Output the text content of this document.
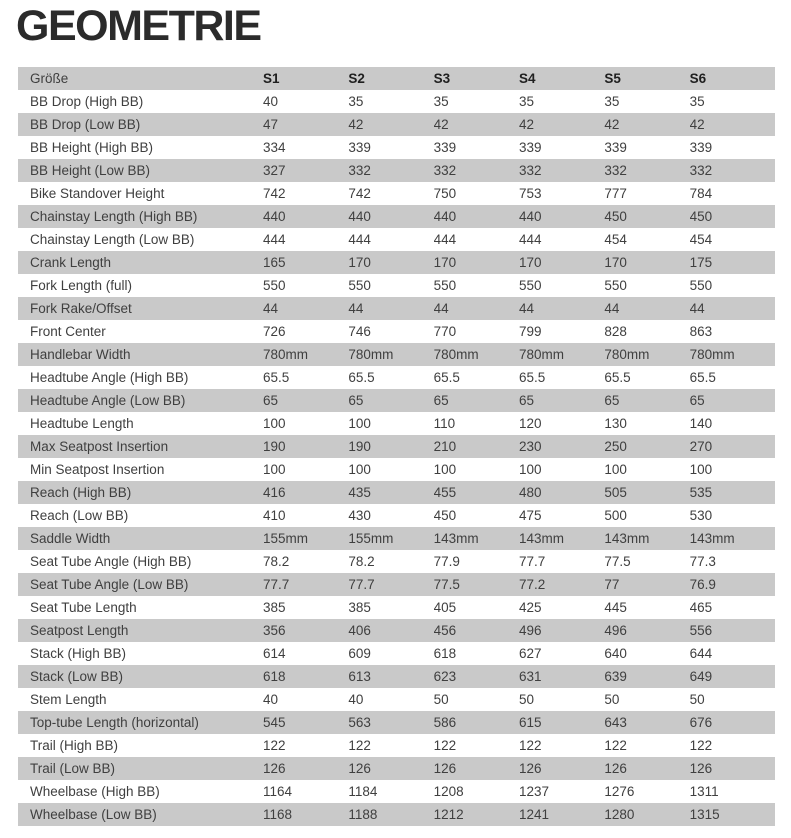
GEOMETRIE
Größe	S1	S2	S3	S4	S5	S6
BB Drop (High BB)	40	35	35	35	35	35
BB Drop (Low BB)	47	42	42	42	42	42
BB Height (High BB)	334	339	339	339	339	339
BB Height (Low BB)	327	332	332	332	332	332
Bike Standover Height	742	742	750	753	777	784
Chainstay Length (High BB)	440	440	440	440	450	450
Chainstay Length (Low BB)	444	444	444	444	454	454
Crank Length	165	170	170	170	170	175
Fork Length (full)	550	550	550	550	550	550
Fork Rake/Offset	44	44	44	44	44	44
Front Center	726	746	770	799	828	863
Handlebar Width	780mm	780mm	780mm	780mm	780mm	780mm
Headtube Angle (High BB)	65.5	65.5	65.5	65.5	65.5	65.5
Headtube Angle (Low BB)	65	65	65	65	65	65
Headtube Length	100	100	110	120	130	140
Max Seatpost Insertion	190	190	210	230	250	270
Min Seatpost Insertion	100	100	100	100	100	100
Reach (High BB)	416	435	455	480	505	535
Reach (Low BB)	410	430	450	475	500	530
Saddle Width	155mm	155mm	143mm	143mm	143mm	143mm
Seat Tube Angle (High BB)	78.2	78.2	77.9	77.7	77.5	77.3
Seat Tube Angle (Low BB)	77.7	77.7	77.5	77.2	77	76.9
Seat Tube Length	385	385	405	425	445	465
Seatpost Length	356	406	456	496	496	556
Stack (High BB)	614	609	618	627	640	644
Stack (Low BB)	618	613	623	631	639	649
Stem Length	40	40	50	50	50	50
Top-tube Length (horizontal)	545	563	586	615	643	676
Trail (High BB)	122	122	122	122	122	122
Trail (Low BB)	126	126	126	126	126	126
Wheelbase (High BB)	1164	1184	1208	1237	1276	1311
Wheelbase (Low BB)	1168	1188	1212	1241	1280	1315
